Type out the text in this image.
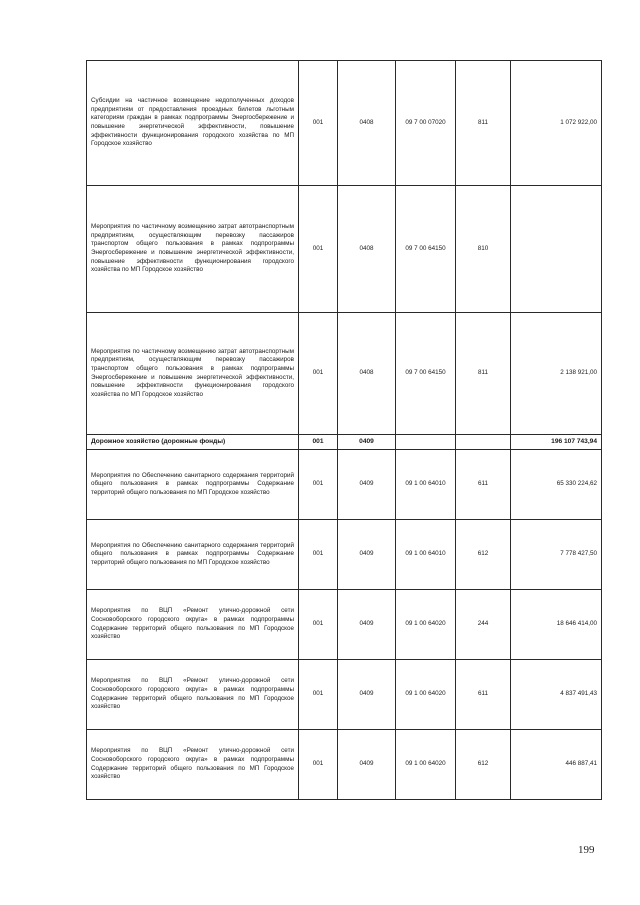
Субсидии на частичное возмещение недополученных доходов предприятиям от предоставления проездных билетов льготным категориям граждан в рамках подпрограммы Энергосбережение и повышение энергетической эффективности, повышение эффективности функционирования городского хозяйства по МП Городское хозяйство	001	0408	09 7 00 07020	811	1 072 922,00
Мероприятия по частичному возмещению затрат автотранспортным предприятиям, осуществляющим перевозку пассажиров транспортом общего пользования в рамках подпрограммы Энергосбережение и повышение энергетической эффективности, повышение эффективности функционирования городского хозяйства по МП Городское хозяйство	001	0408	09 7 00 64150	810	
Мероприятия по частичному возмещению затрат автотранспортным предприятиям, осуществляющим перевозку пассажиров транспортом общего пользования в рамках подпрограммы Энергосбережение и повышение энергетической эффективности, повышение эффективности функционирования городского хозяйства по МП Городское хозяйство	001	0408	09 7 00 64150	811	2 138 921,00
Дорожное хозяйство (дорожные фонды)	001	0409			196 107 743,94
Мероприятия по Обеспечению санитарного содержания территорий общего пользования в рамках подпрограммы Содержание территорий общего пользования по МП Городское хозяйство	001	0409	09 1 00 64010	611	65 330 224,62
Мероприятия по Обеспечению санитарного содержания территорий общего пользования в рамках подпрограммы Содержание территорий общего пользования по МП Городское хозяйство	001	0409	09 1 00 64010	612	7 778 427,50
Мероприятия по ВЦП «Ремонт улично-дорожной сети Сосновоборского городского округа» в рамках подпрограммы Содержание территорий общего пользования по МП Городское хозяйство	001	0409	09 1 00 64020	244	18 646 414,00
Мероприятия по ВЦП «Ремонт улично-дорожной сети Сосновоборского городского округа» в рамках подпрограммы Содержание территорий общего пользования по МП Городское хозяйство	001	0409	09 1 00 64020	611	4 837 491,43
Мероприятия по ВЦП «Ремонт улично-дорожной сети Сосновоборского городского округа» в рамках подпрограммы Содержание территорий общего пользования по МП Городское хозяйство	001	0409	09 1 00 64020	612	446 887,41
199
